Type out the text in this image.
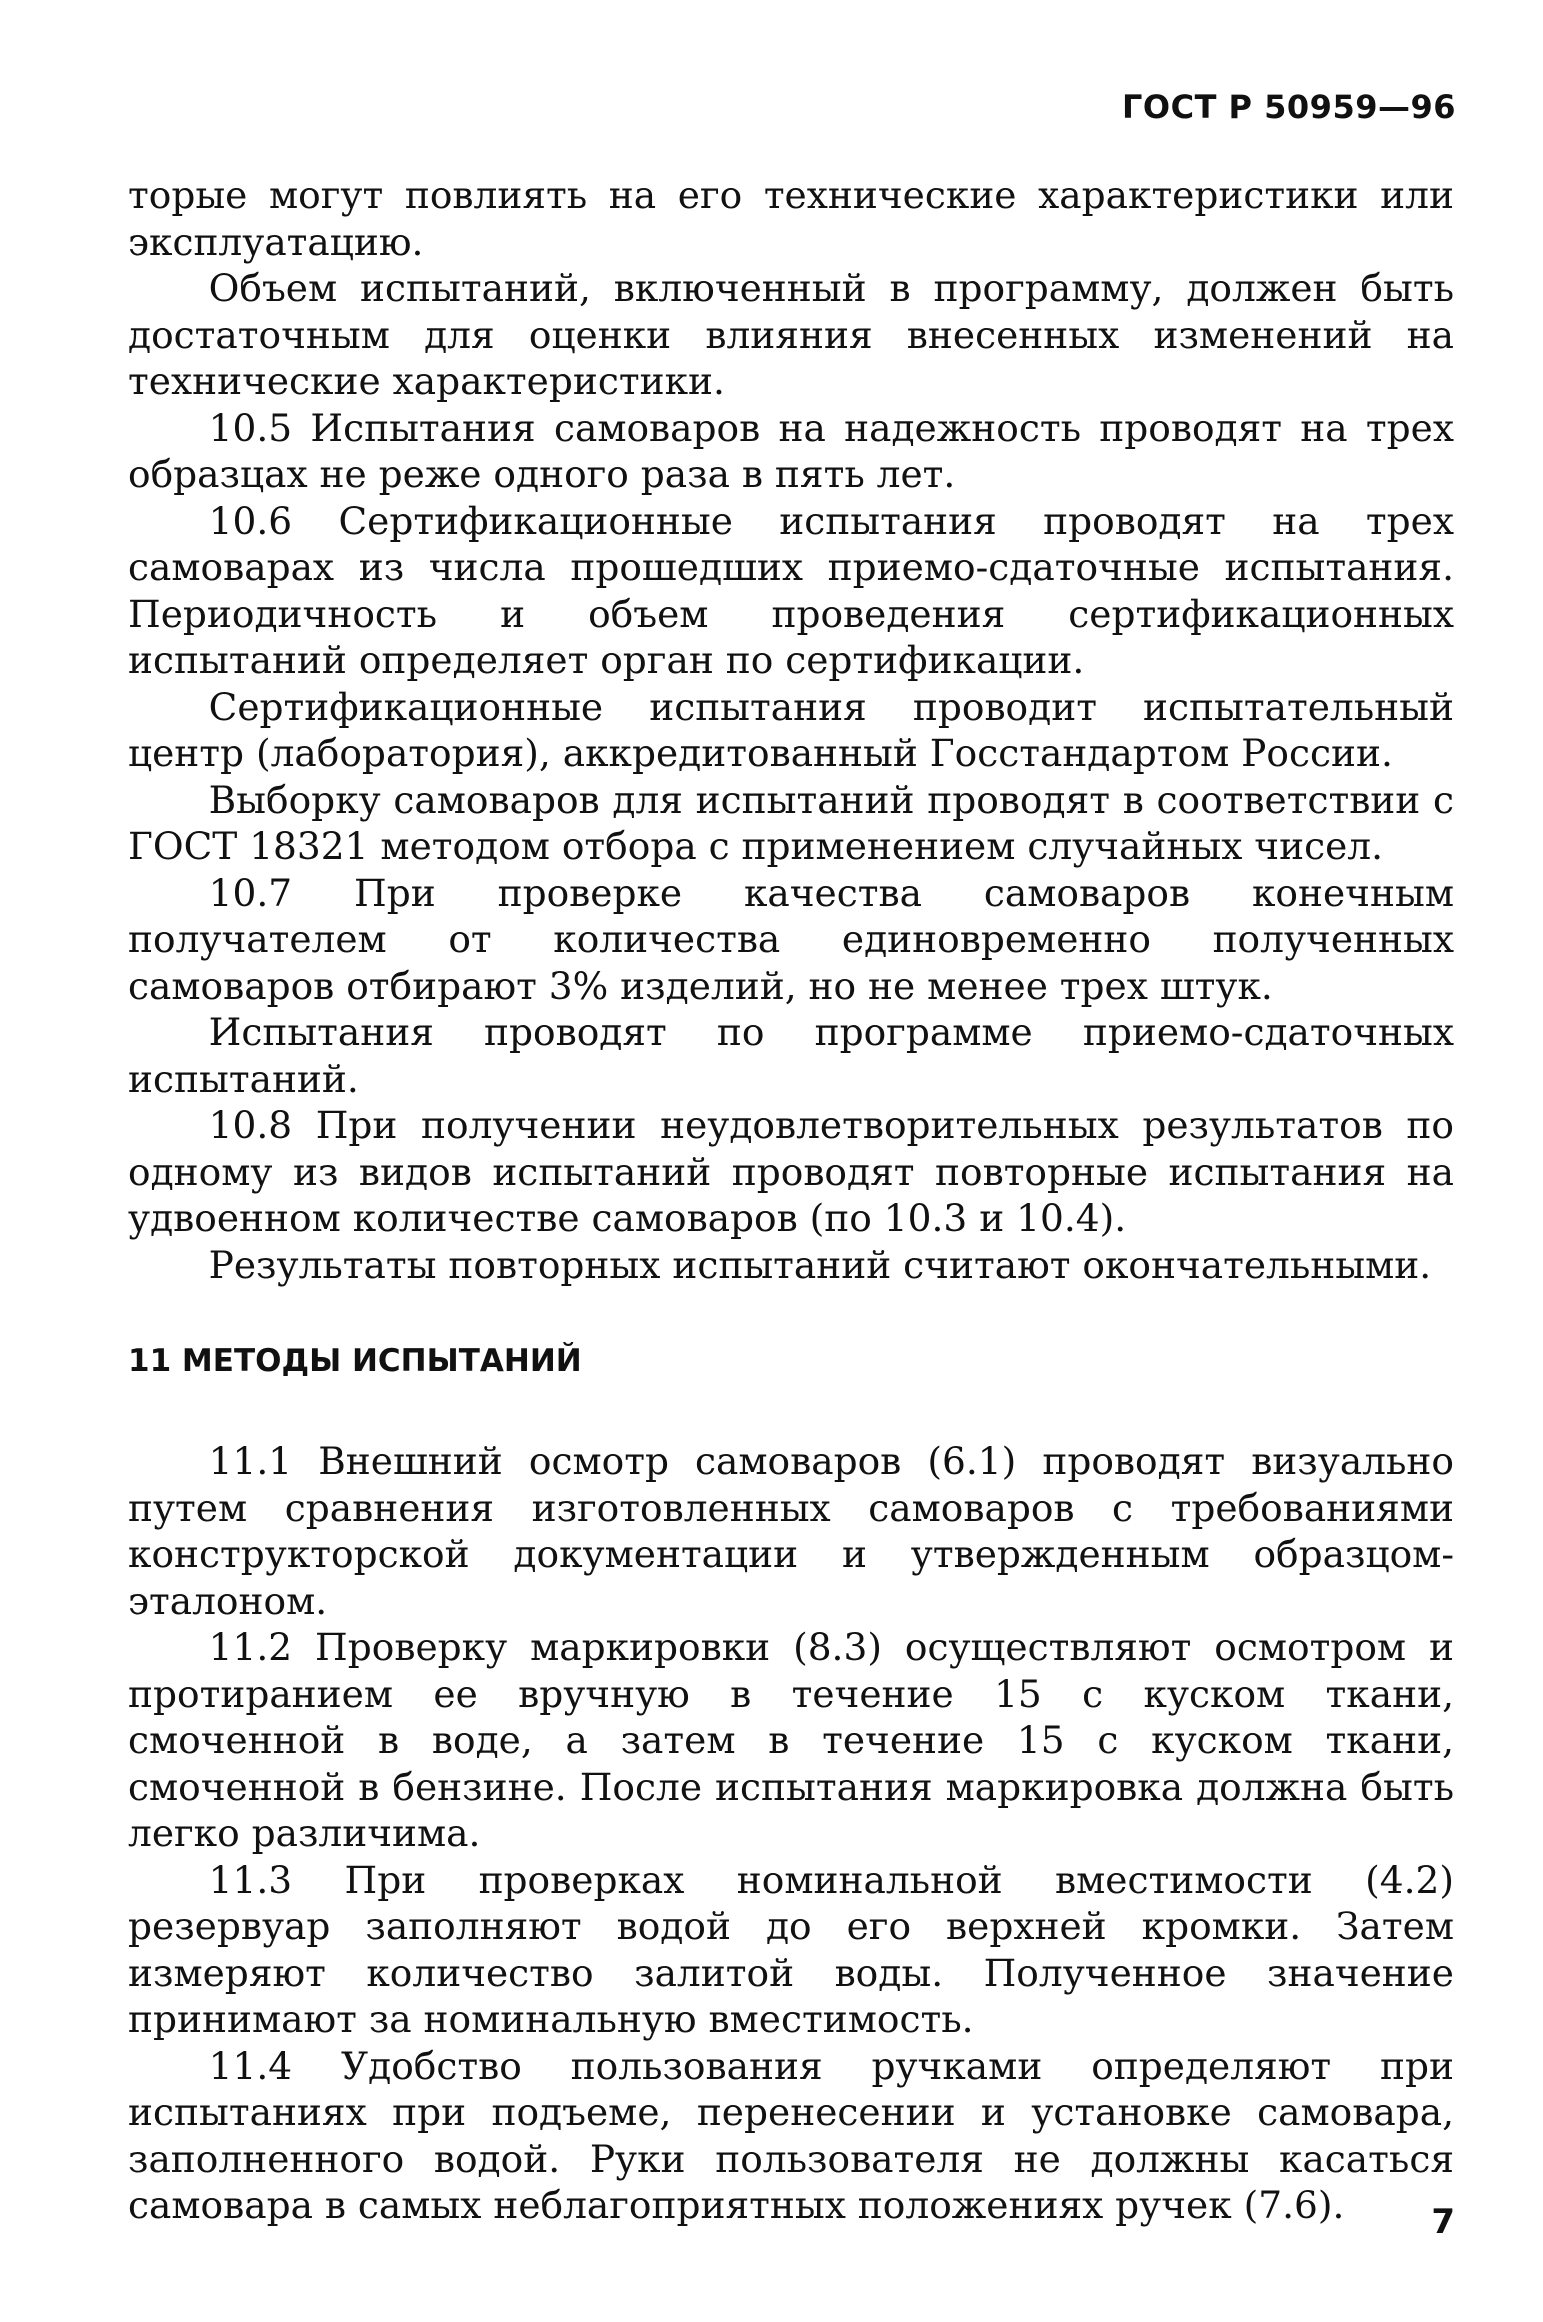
ГОСТ Р 50959—96

торые могут повлиять на его технические характеристики или эксплуатацию.

Объем испытаний, включенный в программу, должен быть достаточным для оценки влияния внесенных изменений на технические характеристики.

10.5 Испытания самоваров на надежность проводят на трех образцах не реже одного раза в пять лет.

10.6 Сертификационные испытания проводят на трех самоварах из числа прошедших приемо-сдаточные испытания. Периодичность и объем проведения сертификационных испытаний определяет орган по сертификации.

Сертификационные испытания проводит испытательный центр (лаборатория), аккредитованный Госстандартом России.

Выборку самоваров для испытаний проводят в соответствии с ГОСТ 18321 методом отбора с применением случайных чисел.

10.7 При проверке качества самоваров конечным получателем от количества единовременно полученных самоваров отбирают 3% изделий, но не менее трех штук.

Испытания проводят по программе приемо-сдаточных испытаний.

10.8 При получении неудовлетворительных результатов по одному из видов испытаний проводят повторные испытания на удвоенном количестве самоваров (по 10.3 и 10.4).

Результаты повторных испытаний считают окончательными.

11 МЕТОДЫ ИСПЫТАНИЙ

11.1 Внешний осмотр самоваров (6.1) проводят визуально путем сравнения изготовленных самоваров с требованиями конструкторской документации и утвержденным образцом-эталоном.

11.2 Проверку маркировки (8.3) осуществляют осмотром и протиранием ее вручную в течение 15 с куском ткани, смоченной в воде, а затем в течение 15 с куском ткани, смоченной в бензине. После испытания маркировка должна быть легко различима.

11.3 При проверках номинальной вместимости (4.2) резервуар заполняют водой до его верхней кромки. Затем измеряют количество залитой воды. Полученное значение принимают за номинальную вместимость.

11.4 Удобство пользования ручками определяют при испытаниях при подъеме, перенесении и установке самовара, заполненного водой. Руки пользователя не должны касаться самовара в самых неблагоприятных положениях ручек (7.6).	7
